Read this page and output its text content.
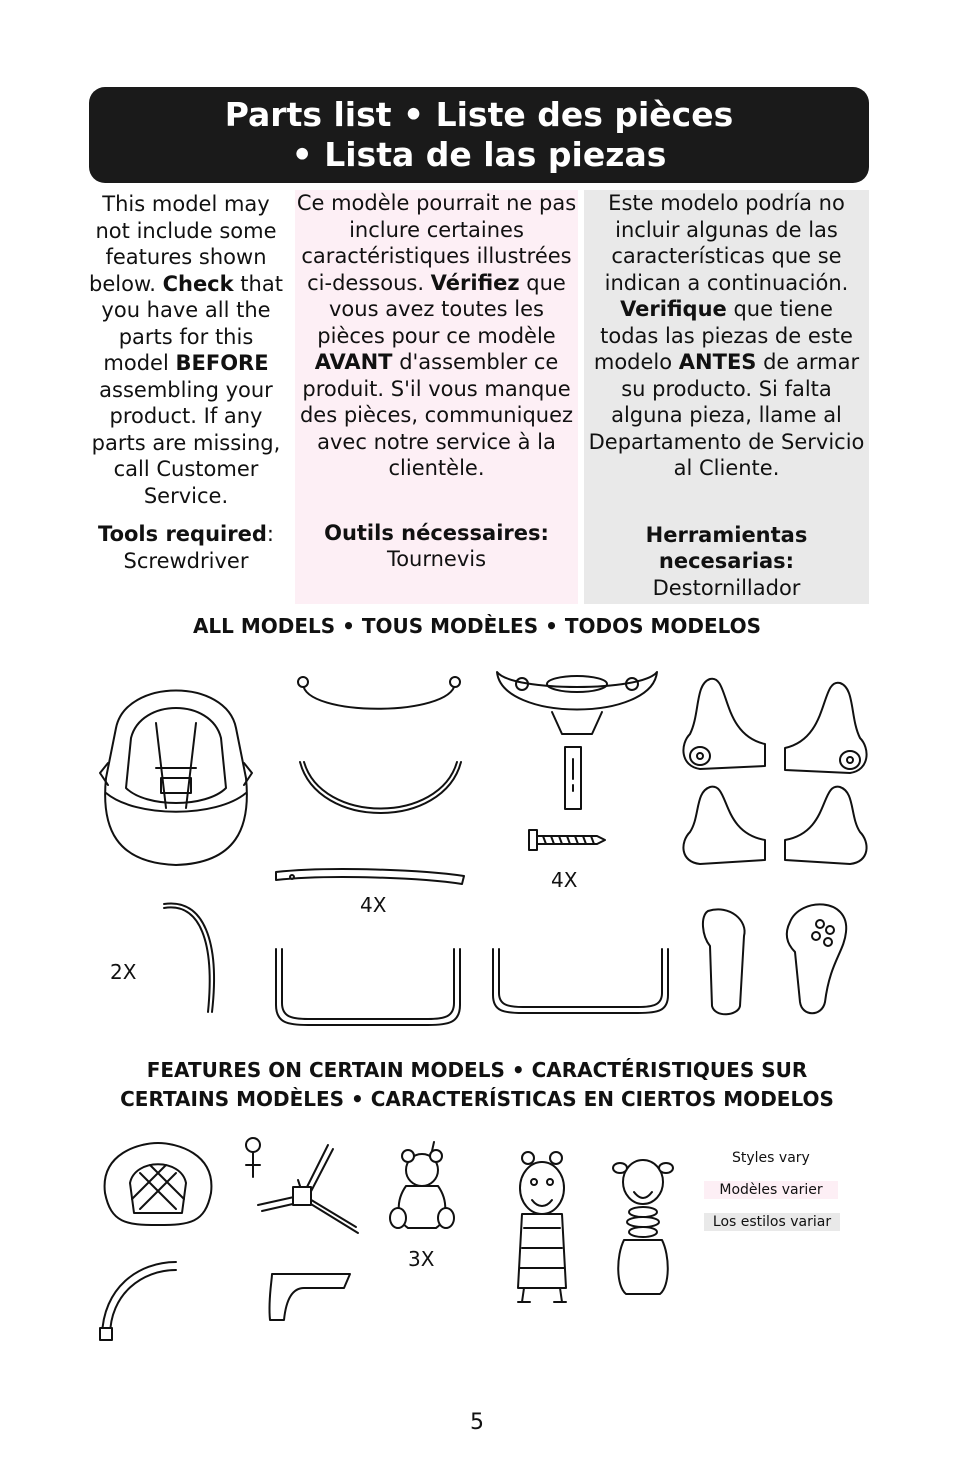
Parts list • Liste des pièces
• Lista de las piezas

This model may not include some features shown below. Check that you have all the parts for this model BEFORE assembling your product. If any parts are missing, call Customer Service.

Tools required:
Screwdriver

Ce modèle pourrait ne pas inclure certaines caractéristiques illustrées ci-dessous. Vérifiez que vous avez toutes les pièces pour ce modèle AVANT d'assembler ce produit. S'il vous manque des pièces, communiquez avec notre service à la clientèle.

Outils nécessaires:
Tournevis

Este modelo podría no incluir algunas de las características que se indican a continuación. Verifique que tiene todas las piezas de este modelo ANTES de armar su producto. Si falta alguna pieza, llame al Departamento de Servicio al Cliente.

Herramientas necesarias:
Destornillador

ALL MODELS • TOUS MODÈLES • TODOS MODELOS
4X
4X
2X
FEATURES ON CERTAIN MODELS • CARACTÉRISTIQUES SUR
CERTAINS MODÈLES • CARACTERÍSTICAS EN CIERTOS MODELOS
3X
Styles vary
Modèles varier
Los estilos variar
5
